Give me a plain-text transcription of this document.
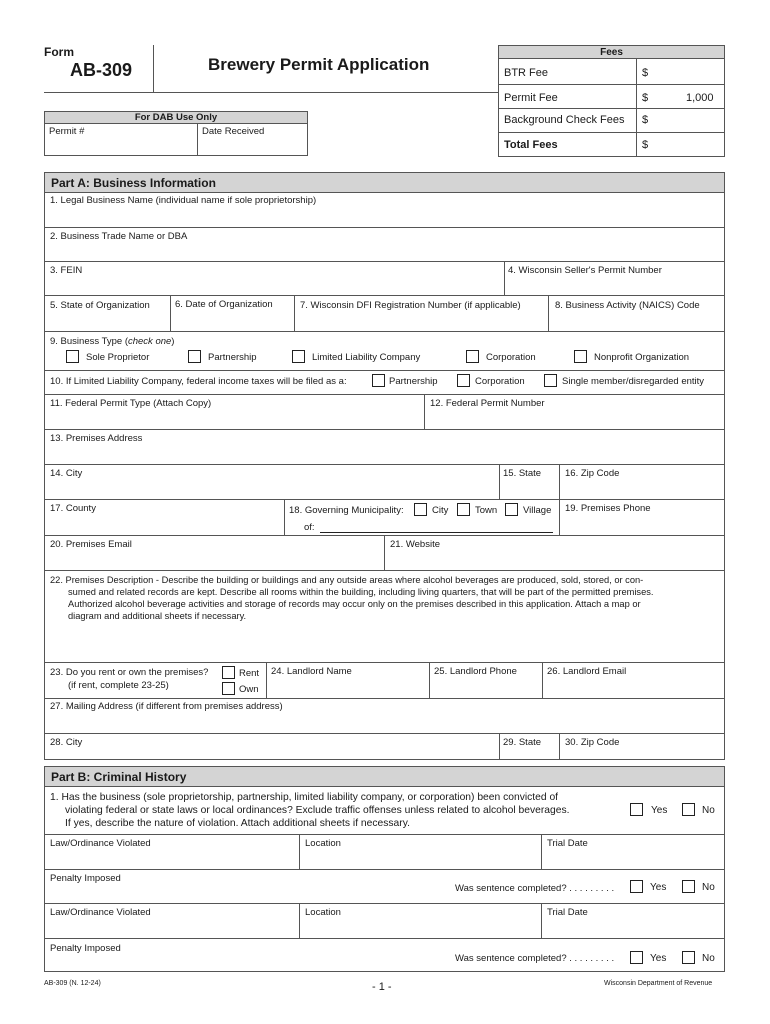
Form
AB-309	Brewery Permit Application
For DAB Use Only
Permit #	Date Received
Fees
BTR Fee	$
Permit Fee	$	1,000
Background Check Fees $
Total Fees	$
Part A: Business Information
1. Legal Business Name (individual name if sole proprietorship)
2. Business Trade Name or DBA
3. FEIN	4. Wisconsin Seller's Permit Number
5. State of Organization	6. Date of Organization	7. Wisconsin DFI Registration Number (if applicable)	8. Business Activity (NAICS) Code
9. Business Type (check one)
Sole Proprietor	Partnership	Limited Liability Company	Corporation	Nonprofit Organization
10. If Limited Liability Company, federal income taxes will be filed as a:	Partnership	Corporation	Single member/disregarded entity
11. Federal Permit Type (Attach Copy)	12. Federal Permit Number
13. Premises Address
14. City	15. State	16. Zip Code
17. County	18. Governing Municipality:	City	Town	Village
of:
19. Premises Phone
20. Premises Email	21. Website
22. Premises Description - Describe the building or buildings and any outside areas where alcohol beverages are produced, sold, stored, or con-
sumed and related records are kept. Describe all rooms within the building, including living quarters, that will be part of the permitted premises.
Authorized alcohol beverage activities and storage of records may occur only on the premises described in this application. Attach a map or
diagram and additional sheets if necessary.
23. Do you rent or own the premises?
(if rent, complete 23-25)
Rent
Own
24. Landlord Name	25. Landlord Phone	26. Landlord Email
27. Mailing Address (if different from premises address)
28. City	29. State	30. Zip Code
Part B: Criminal History
1. Has the business (sole proprietorship, partnership, limited liability company, or corporation) been convicted of
violating federal or state laws or local ordinances? Exclude traffic offenses unless related to alcohol beverages.
If yes, describe the nature of violation. Attach additional sheets if necessary.
Yes	No
Law/Ordinance Violated	Location	Trial Date
Penalty Imposed
Was sentence completed? . . . . . . . . .	Yes	No
Law/Ordinance Violated	Location	Trial Date
Penalty Imposed
Was sentence completed? . . . . . . . . .	Yes	No
AB-309 (N. 12-24)	- 1 -	Wisconsin Department of Revenue
